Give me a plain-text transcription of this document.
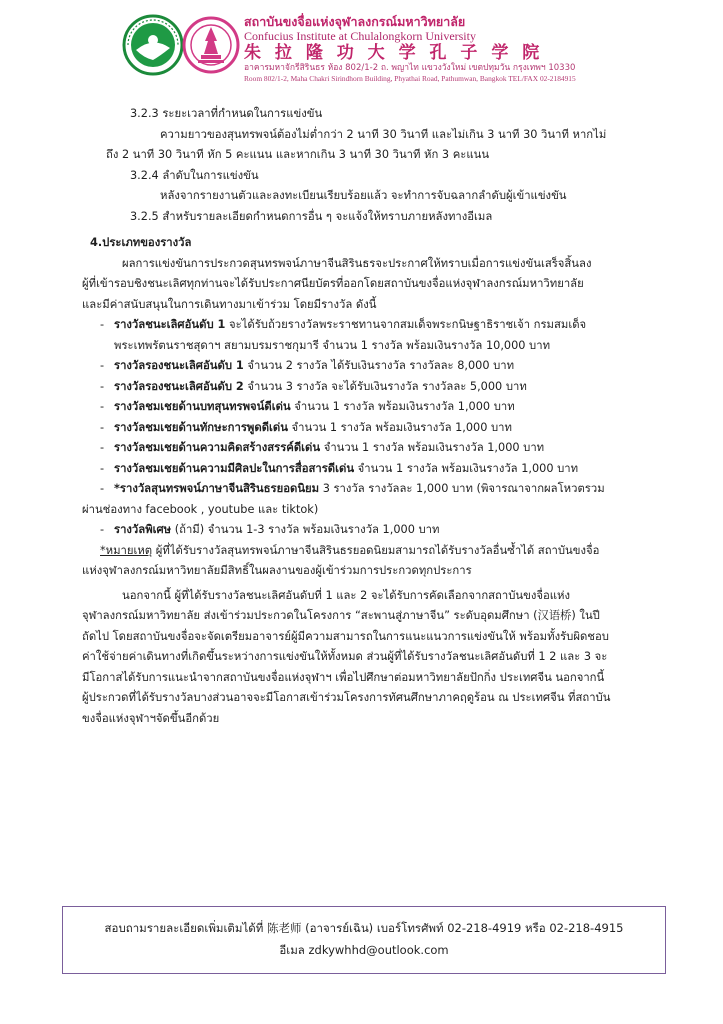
สถาบันขงจื่อแห่งจุฬาลงกรณ์มหาวิทยาลัย
Confucius Institute at Chulalongkorn University
朱 拉 隆 功 大 学 孔 子 学 院
อาคารมหาจักรีสิรินธร ห้อง 802/1-2 ถ. พญาไท แขวงวังใหม่ เขตปทุมวัน กรุงเทพฯ 10330
Room 802/1-2, Maha Chakri Sirindhorn Building, Phyathai Road, Pathumwan, Bangkok TEL/FAX 02-2184915
3.2.3 ระยะเวลาที่กำหนดในการแข่งขัน
ความยาวของสุนทรพจน์ต้องไม่ต่ำกว่า 2 นาที 30 วินาที และไม่เกิน 3 นาที 30 วินาที หากไม่
ถึง 2 นาที 30 วินาที หัก 5 คะแนน และหากเกิน 3 นาที 30 วินาที หัก 3 คะแนน
3.2.4 ลำดับในการแข่งขัน
หลังจากรายงานตัวและลงทะเบียนเรียบร้อยแล้ว จะทำการจับฉลากลำดับผู้เข้าแข่งขัน
3.2.5 สำหรับรายละเอียดกำหนดการอื่น ๆ จะแจ้งให้ทราบภายหลังทางอีเมล
4.ประเภทของรางวัล
ผลการแข่งขันการประกวดสุนทรพจน์ภาษาจีนสิรินธรจะประกาศให้ทราบเมื่อการแข่งขันเสร็จสิ้นลง
ผู้ที่เข้ารอบชิงชนะเลิศทุกท่านจะได้รับประกาศนียบัตรที่ออกโดยสถาบันขงจื่อแห่งจุฬาลงกรณ์มหาวิทยาลัย
และมีค่าสนับสนุนในการเดินทางมาเข้าร่วม โดยมีรางวัล ดังนี้
- รางวัลชนะเลิศอันดับ 1 จะได้รับถ้วยรางวัลพระราชทานจากสมเด็จพระกนิษฐาธิราชเจ้า กรมสมเด็จ
พระเทพรัตนราชสุดาฯ สยามบรมราชกุมารี จำนวน 1 รางวัล พร้อมเงินรางวัล 10,000 บาท
- รางวัลรองชนะเลิศอันดับ 1 จำนวน 2 รางวัล ได้รับเงินรางวัล รางวัลละ 8,000 บาท
- รางวัลรองชนะเลิศอันดับ 2 จำนวน 3 รางวัล จะได้รับเงินรางวัล รางวัลละ 5,000 บาท
- รางวัลชมเชยด้านบทสุนทรพจน์ดีเด่น จำนวน 1 รางวัล พร้อมเงินรางวัล 1,000 บาท
- รางวัลชมเชยด้านทักษะการพูดดีเด่น จำนวน 1 รางวัล พร้อมเงินรางวัล 1,000 บาท
- รางวัลชมเชยด้านความคิดสร้างสรรค์ดีเด่น จำนวน 1 รางวัล พร้อมเงินรางวัล 1,000 บาท
- รางวัลชมเชยด้านความมีศิลปะในการสื่อสารดีเด่น จำนวน 1 รางวัล พร้อมเงินรางวัล 1,000 บาท
- *รางวัลสุนทรพจน์ภาษาจีนสิรินธรยอดนิยม 3 รางวัล รางวัลละ 1,000 บาท (พิจารณาจากผลโหวตรวม
ผ่านช่องทาง facebook , youtube และ tiktok)
- รางวัลพิเศษ (ถ้ามี) จำนวน 1-3 รางวัล พร้อมเงินรางวัล 1,000 บาท
*หมายเหตุ ผู้ที่ได้รับรางวัลสุนทรพจน์ภาษาจีนสิรินธรยอดนิยมสามารถได้รับรางวัลอื่นซ้ำได้ สถาบันขงจื่อ
แห่งจุฬาลงกรณ์มหาวิทยาลัยมีสิทธิ์ในผลงานของผู้เข้าร่วมการประกวดทุกประการ
นอกจากนี้ ผู้ที่ได้รับรางวัลชนะเลิศอันดับที่ 1 และ 2 จะได้รับการคัดเลือกจากสถาบันขงจื่อแห่ง
จุฬาลงกรณ์มหาวิทยาลัย ส่งเข้าร่วมประกวดในโครงการ “สะพานสู่ภาษาจีน” ระดับอุดมศึกษา (汉语桥) ในปี
ถัดไป โดยสถาบันขงจื่อจะจัดเตรียมอาจารย์ผู้มีความสามารถในการแนะแนวการแข่งขันให้ พร้อมทั้งรับผิดชอบ
ค่าใช้จ่ายค่าเดินทางที่เกิดขึ้นระหว่างการแข่งขันให้ทั้งหมด ส่วนผู้ที่ได้รับรางวัลชนะเลิศอันดับที่ 1 2 และ 3 จะ
มีโอกาสได้รับการแนะนำจากสถาบันขงจื่อแห่งจุฬาฯ เพื่อไปศึกษาต่อมหาวิทยาลัยปักกิ่ง ประเทศจีน นอกจากนี้
ผู้ประกวดที่ได้รับรางวัลบางส่วนอาจจะมีโอกาสเข้าร่วมโครงการทัศนศึกษาภาคฤดูร้อน ณ ประเทศจีน ที่สถาบัน
ขงจื่อแห่งจุฬาฯจัดขึ้นอีกด้วย
สอบถามรายละเอียดเพิ่มเติมได้ที่ 陈老师 (อาจารย์เฉิน) เบอร์โทรศัพท์ 02-218-4919 หรือ 02-218-4915
อีเมล zdkywhhd@outlook.com
